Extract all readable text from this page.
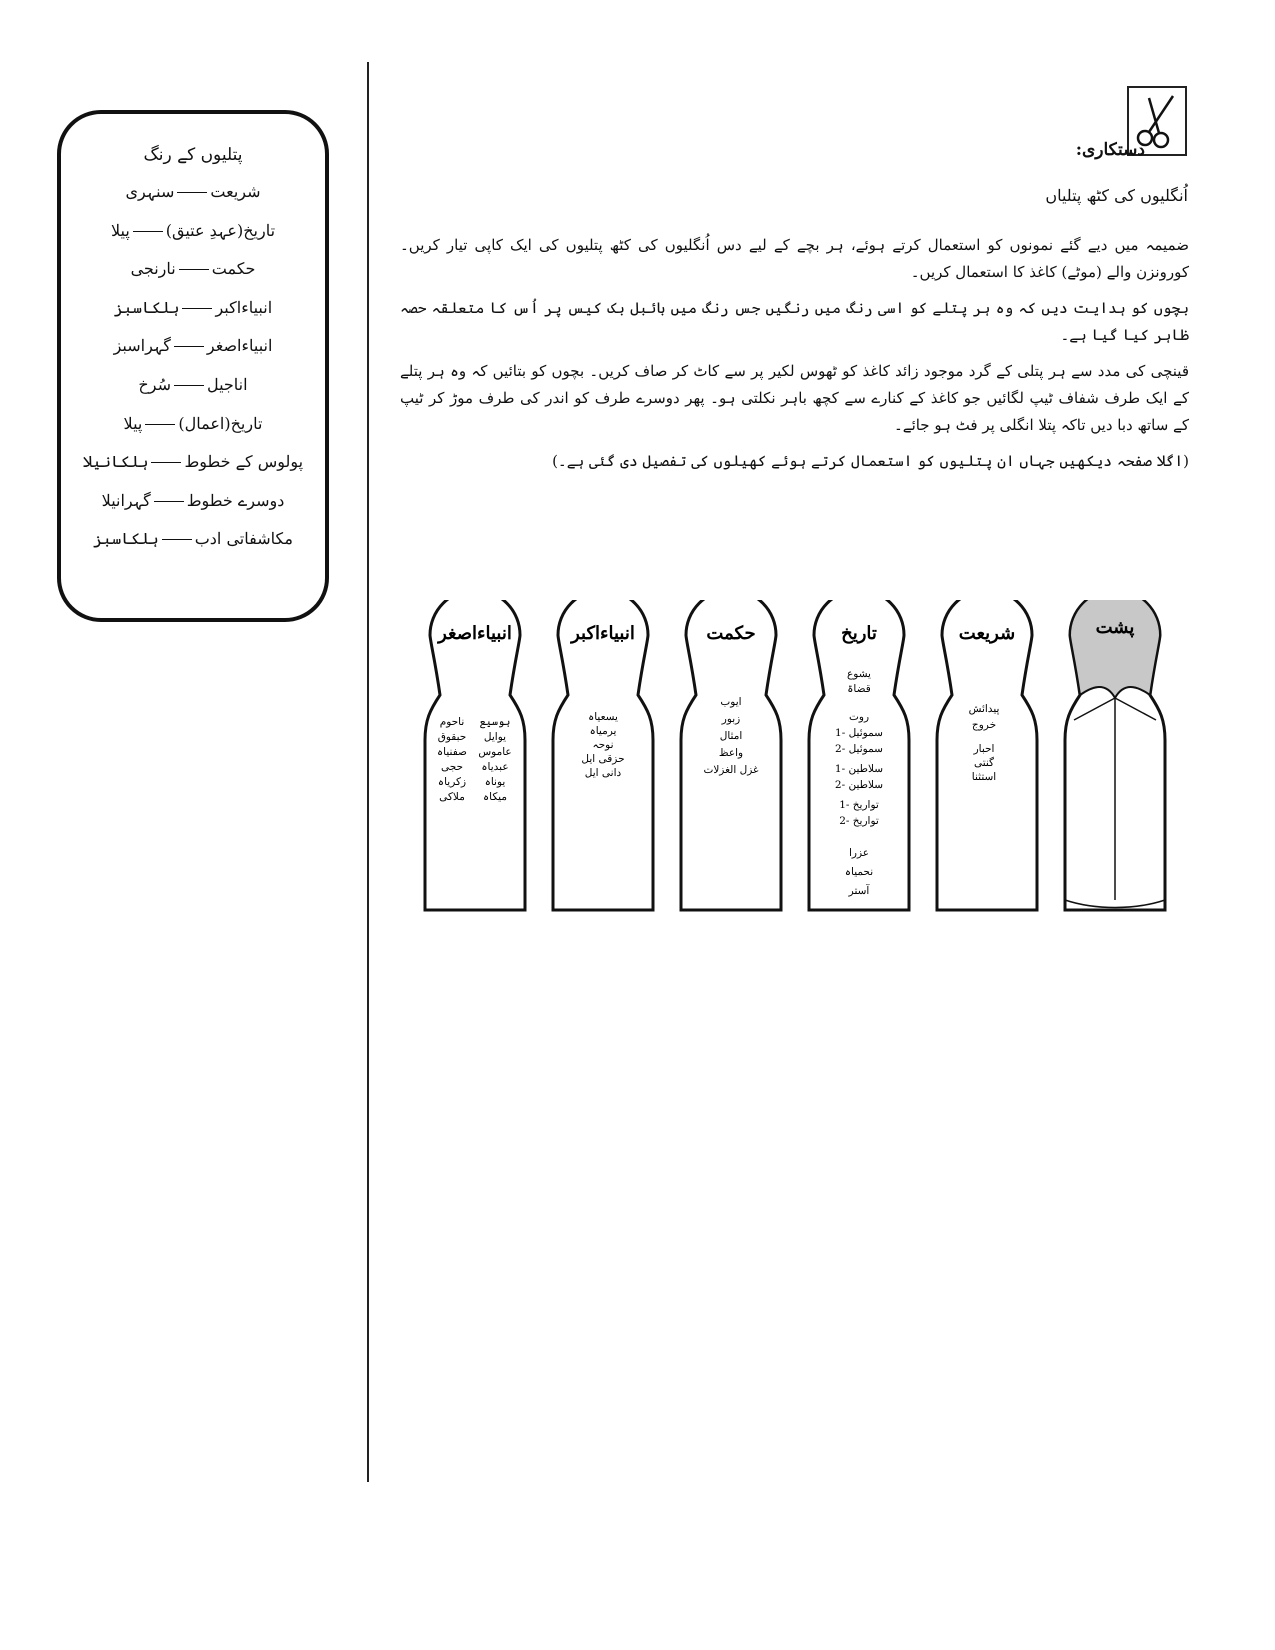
پتلیوں کے رنگ
شریعتسنہری
تاریخ(عہدِ عتیق)پیلا
حکمتنارنجی
انبیاءاکبرہلکاسبز
انبیاءاصغرگہراسبز
اناجیلسُرخ
تاریخ(اعمال)پیلا
پولوس کے خطوطہلکانیلا
دوسرے خطوطگہرانیلا
مکاشفاتی ادبہلکاسبز
دستکاری:
اُنگلیوں کی کٹھ پتلیاں

ضمیمہ میں دیے گئے نمونوں کو استعمال کرتے ہوئے، ہر بچے کے لیے دس اُنگلیوں کی کٹھ پتلیوں کی ایک کاپی تیار کریں۔ کورونزن والے (موٹے) کاغذ کا استعمال کریں۔

بچوں کو ہدایت دیں کہ وہ ہر پتلے کو اسی رنگ میں رنگیں جس رنگ میں بائبل بک کیس پر اُس کا متعلقہ حصہ ظاہر کیا گیا ہے۔

قینچی کی مدد سے ہر پتلی کے گرد موجود زائد کاغذ کو ٹھوس لکیر پر سے کاٹ کر صاف کریں۔ بچوں کو بتائیں کہ وہ ہر پتلے کے ایک طرف شفاف ٹیپ لگائیں جو کاغذ کے کنارے سے کچھ باہر نکلتی ہو۔ پھر دوسرے طرف کو اندر کی طرف موڑ کر ٹیپ کے ساتھ دبا دیں تاکہ پتلا انگلی پر فٹ ہو جائے۔

(اگلا صفحہ دیکھیں جہاں ان پتلیوں کو استعمال کرتے ہوئے کھیلوں کی تفصیل دی گئی ہے۔)

انبیاءاصغر
ہوسیع
یوایل
عاموس
عبدیاہ
یوناہ
میکاہ
ناحوم
حبقوق
صفنیاہ
حجی
زکریاہ
ملاکی
انبیاءاکبر
یسعیاہ
یرمیاہ
نوحہ
حزقی ایل
دانی ایل
حکمت
ایوب
زبور
امثال
واعظ
غزل الغزلات
تاریخ
یشوع
قضاۃ
روت
1- سموئیل
2- سموئیل
1- سلاطین
2- سلاطین
1- تواریخ
2- تواریخ
عزرا
نحمیاہ
آستر
شریعت
پیدائش
خروج
احبار
گنتی
استثنا
پشت
